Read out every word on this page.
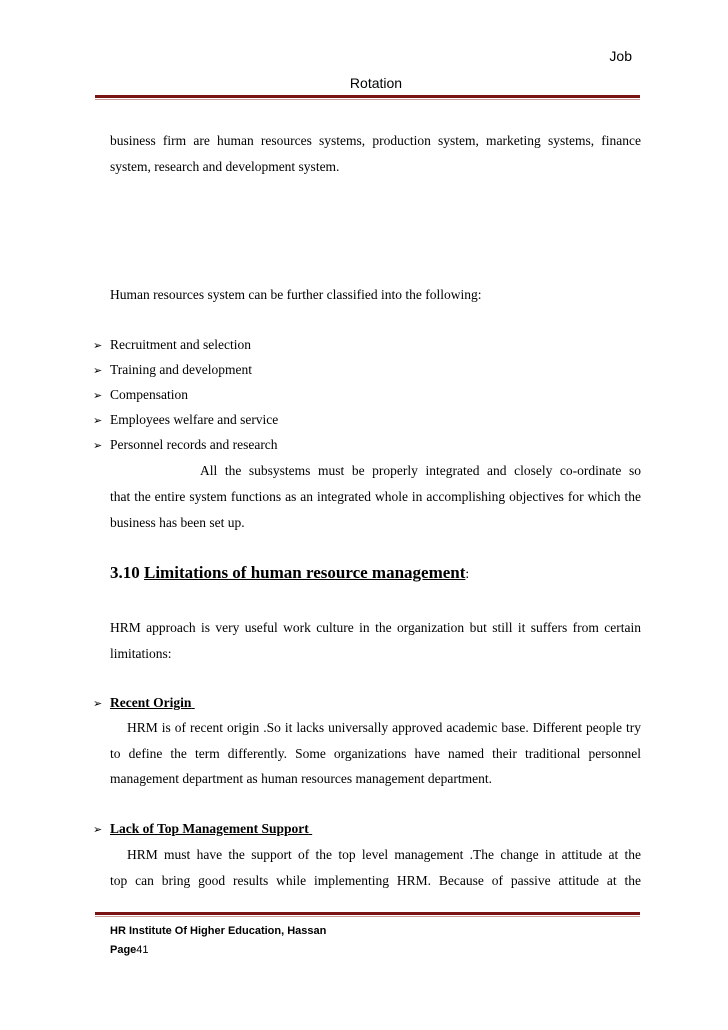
Job
Rotation
business firm are human resources systems, production system, marketing systems, finance system, research and development system.
Human resources system can be further classified into the following:
➢ Recruitment and selection
➢ Training and development
➢ Compensation
➢ Employees welfare and service
➢ Personnel records and research
All the subsystems must be properly integrated and closely co-ordinate so
that the entire system functions as an integrated whole in accomplishing objectives for which the business has been set up.
3.10 Limitations of human resource management:
HRM approach is very useful work culture in the organization but still it suffers from certain limitations:
➢ Recent Origin
HRM is of recent origin .So it lacks universally approved academic base. Different people try to define the term differently. Some organizations have named their traditional personnel management department as human resources management department.
➢ Lack of Top Management Support
HRM must have the support of the top level management .The change in attitude at the
top can bring good results while implementing HRM. Because of passive attitude at the
HR Institute Of Higher Education, Hassan
Page41
